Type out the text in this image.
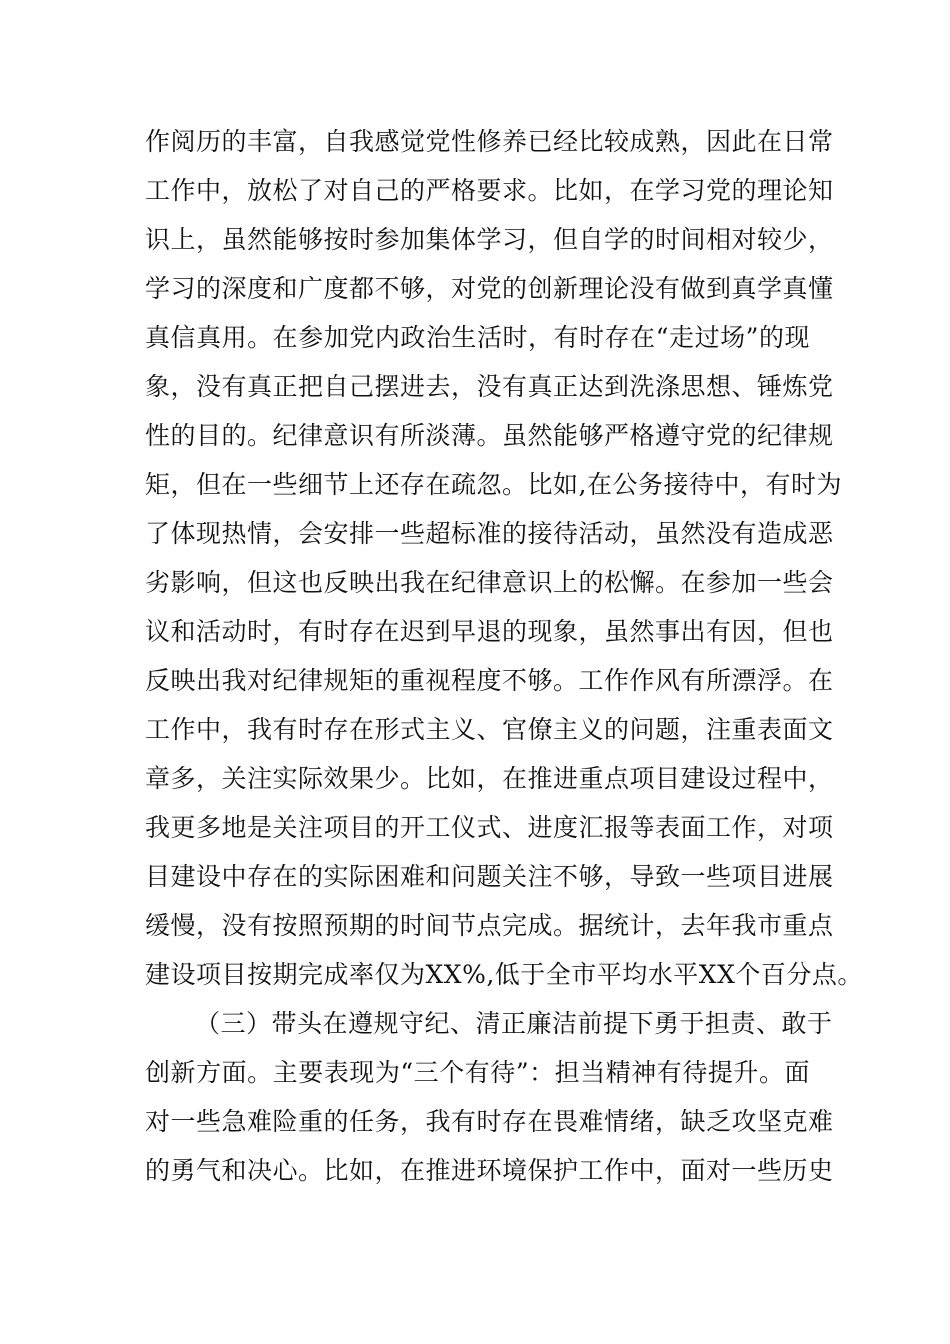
作阅历的丰富，自我感觉党性修养已经比较成熟，因此在日常
工作中，放松了对自己的严格要求。比如，在学习党的理论知
识上，虽然能够按时参加集体学习，但自学的时间相对较少，
学习的深度和广度都不够，对党的创新理论没有做到真学真懂
真信真用。在参加党内政治生活时，有时存在“走过场”的现
象，没有真正把自己摆进去，没有真正达到洗涤思想、锤炼党
性的目的。纪律意识有所淡薄。虽然能够严格遵守党的纪律规
矩，但在一些细节上还存在疏忽。比如,在公务接待中，有时为
了体现热情，会安排一些超标准的接待活动，虽然没有造成恶
劣影响，但这也反映出我在纪律意识上的松懈。在参加一些会
议和活动时，有时存在迟到早退的现象，虽然事出有因，但也
反映出我对纪律规矩的重视程度不够。工作作风有所漂浮。在
工作中，我有时存在形式主义、官僚主义的问题，注重表面文
章多，关注实际效果少。比如，在推进重点项目建设过程中，
我更多地是关注项目的开工仪式、进度汇报等表面工作，对项
目建设中存在的实际困难和问题关注不够，导致一些项目进展
缓慢，没有按照预期的时间节点完成。据统计，去年我市重点
建设项目按期完成率仅为XX%,低于全市平均水平XX个百分点。
（三）带头在遵规守纪、清正廉洁前提下勇于担责、敢于
创新方面。主要表现为“三个有待”：担当精神有待提升。面
对一些急难险重的任务，我有时存在畏难情绪，缺乏攻坚克难
的勇气和决心。比如，在推进环境保护工作中，面对一些历史
